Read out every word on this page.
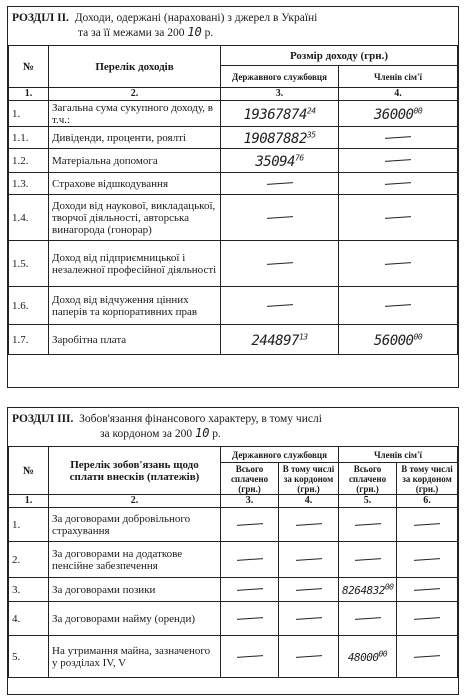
РОЗДІЛ ІІ. Доходи, одержані (нараховані) з джерел в Україні
та за її межами за 200 10 р.
№	Перелік доходів	Розмір доходу (грн.)	
		Державного службовця	Членів сім'ї
1.	2.	3.	4.
1.	Загальна сума сукупного доходу, в т.ч.:	19367874$^{24}$	36000$^{00}$
1.1.	Дивіденди, проценти, роялті	19087882$^{35}$	
1.2.	Матеріальна допомога	35094$^{76}$	
1.3.	Страхове відшкодування		
1.4.	Доходи від наукової, викладацької, творчої діяльності, авторська винагорода (гонорар)		
1.5.	Доход від підприємницької і незалежної професійної діяльності		
1.6.	Доход від відчуження цінних паперів та корпоративних прав		
1.7.	Заробітна плата	244897$^{13}$	56000$^{00}$
РОЗДІЛ ІІІ. Зобов'язання фінансового характеру, в тому числі
за кордоном за 200 10 р.
№	Перелік зобов'язань щодо сплати внесків (платежів)	Державного службовця		Членів сім'ї	
		Всього сплачено (грн.)	В тому числі за кордоном (грн.)	Всього сплачено (грн.)	В тому числі за кордоном (грн.)
1.	2.	3.	4.	5.	6.
1.	За договорами добровільного страхування				
2.	За договорами на додаткове пенсійне забезпечення				
3.	За договорами позики			8264832$^{00}$	
4.	За договорами найму (оренди)				
5.	На утримання майна, зазначеного у розділах IV, V			48000$^{00}$	
